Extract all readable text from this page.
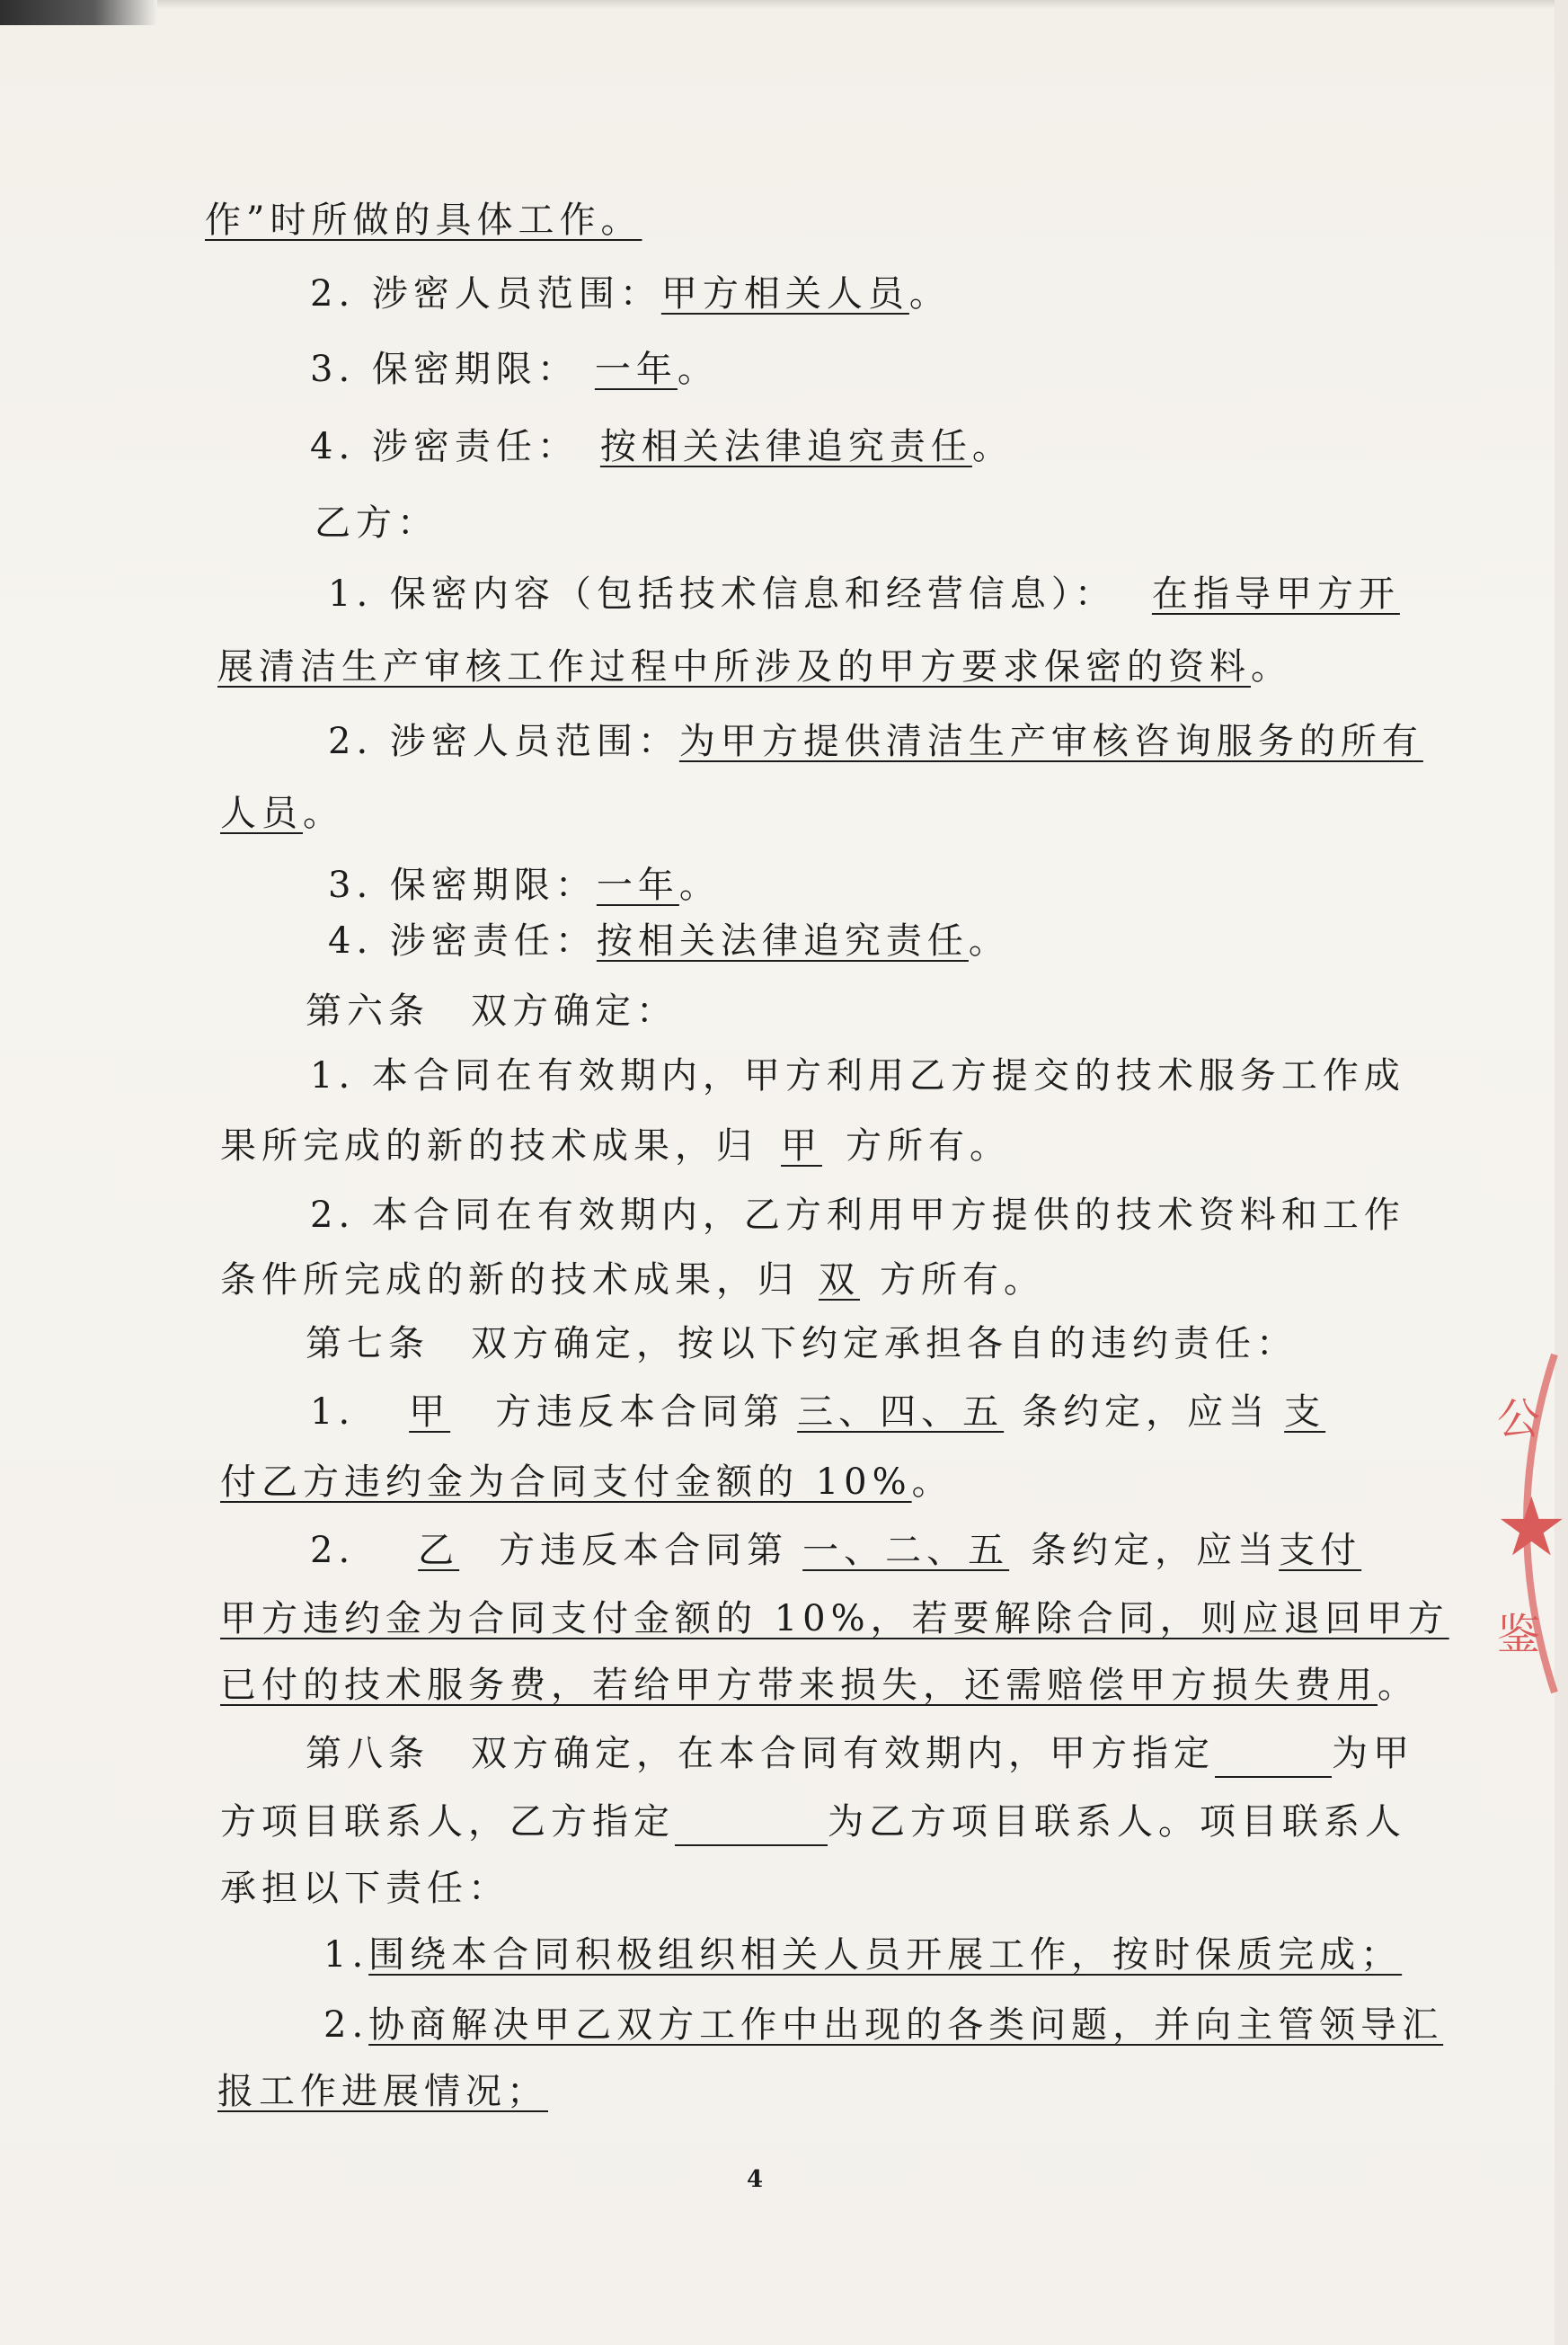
作”时所做的具体工作。
2. 涉密人员范围：甲方相关人员。
3. 保密期限： 一年。
4. 涉密责任： 按相关法律追究责任。
乙方：
1. 保密内容（包括技术信息和经营信息）： 在指导甲方开
展清洁生产审核工作过程中所涉及的甲方要求保密的资料。
2. 涉密人员范围：为甲方提供清洁生产审核咨询服务的所有
人员。
3. 保密期限：一年。
4. 涉密责任：按相关法律追究责任。
第六条　双方确定：
1. 本合同在有效期内，甲方利用乙方提交的技术服务工作成
果所完成的新的技术成果，归 甲 方所有。
2. 本合同在有效期内，乙方利用甲方提供的技术资料和工作
条件所完成的新的技术成果，归 双 方所有。
第七条　双方确定，按以下约定承担各自的违约责任：
1. 甲 方违反本合同第 三、四、五 条约定，应当 支
付乙方违约金为合同支付金额的 10%。
2. 乙 方违反本合同第 一、二、五 条约定，应当支付
甲方违约金为合同支付金额的 10%，若要解除合同，则应退回甲方
已付的技术服务费，若给甲方带来损失，还需赔偿甲方损失费用。
第八条　双方确定，在本合同有效期内，甲方指定	为甲
方项目联系人，乙方指定	为乙方项目联系人。项目联系人
承担以下责任：
1.围绕本合同积极组织相关人员开展工作，按时保质完成；
2.协商解决甲乙双方工作中出现的各类问题，并向主管领导汇
报工作进展情况；
4
公
★
鉴
